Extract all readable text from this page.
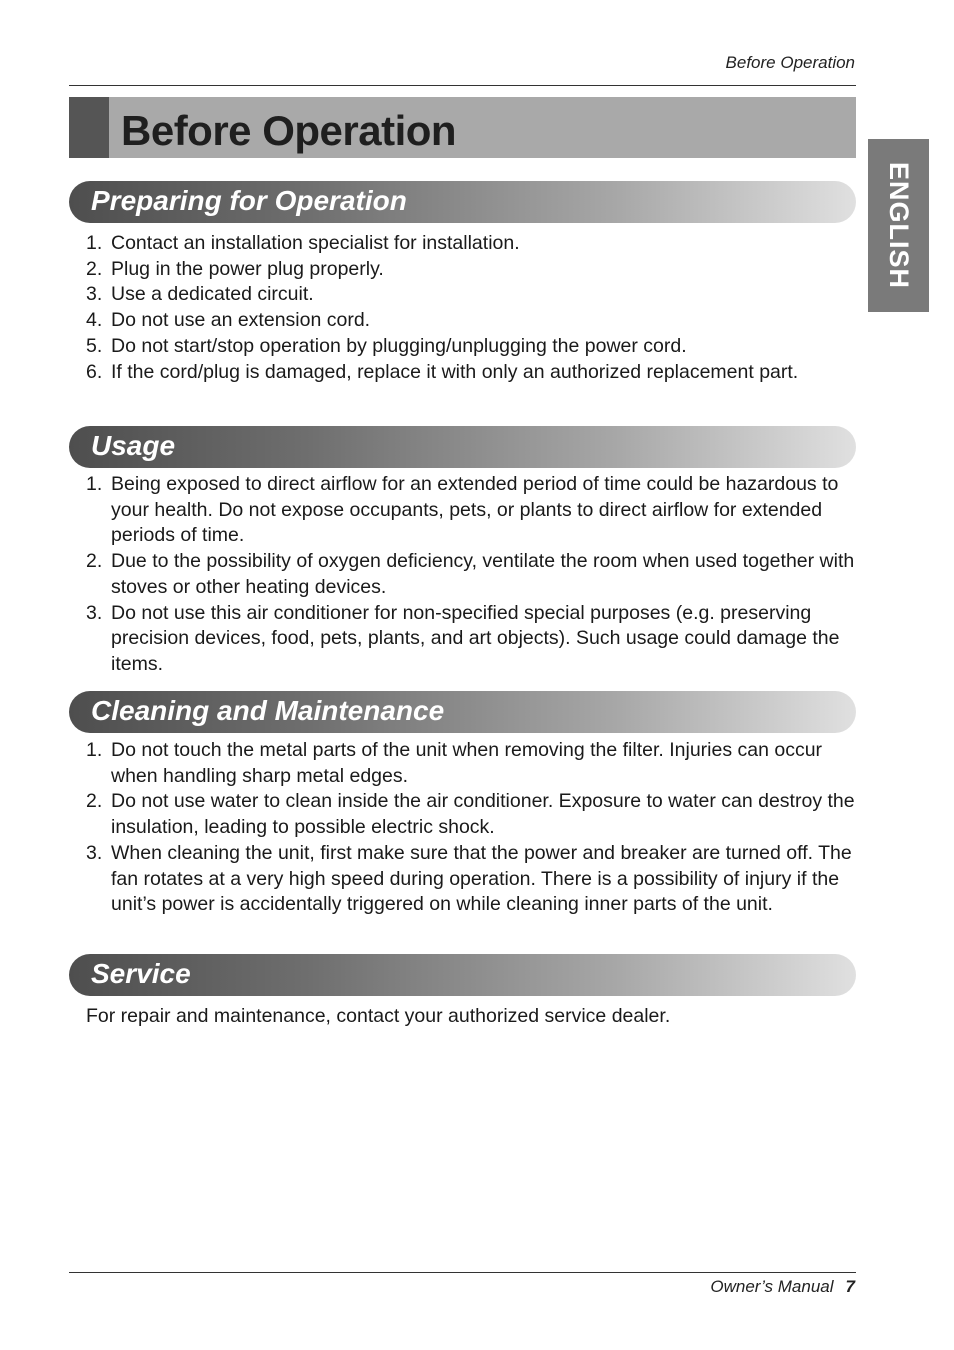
Before Operation
Before Operation
ENGLISH
Preparing for Operation
1. Contact an installation specialist for installation.
2. Plug in the power plug properly.
3. Use a dedicated circuit.
4. Do not use an extension cord.
5. Do not start/stop operation by plugging/unplugging the power cord.
6. If the cord/plug is damaged, replace it with only an authorized replacement part.
Usage
1. Being exposed to direct airflow for an extended period of time could be hazardous to your health. Do not expose occupants, pets, or plants to direct airflow for extended periods of time.
2. Due to the possibility of oxygen deficiency, ventilate the room when used together with stoves or other heating devices.
3. Do not use this air conditioner for non-specified special purposes (e.g. preserving precision devices, food, pets, plants, and art objects). Such usage could damage the items.
Cleaning and Maintenance
1. Do not touch the metal parts of the unit when removing the filter. Injuries can occur when handling sharp metal edges.
2. Do not use water to clean inside the air conditioner. Exposure to water can destroy the insulation, leading to possible electric shock.
3. When cleaning the unit, first make sure that the power and breaker are turned off. The fan rotates at a very high speed during operation. There is a possibility of injury if the unit’s power is accidentally triggered on while cleaning inner parts of the unit.
Service

For repair and maintenance, contact your authorized service dealer.

Owner’s Manual 7
